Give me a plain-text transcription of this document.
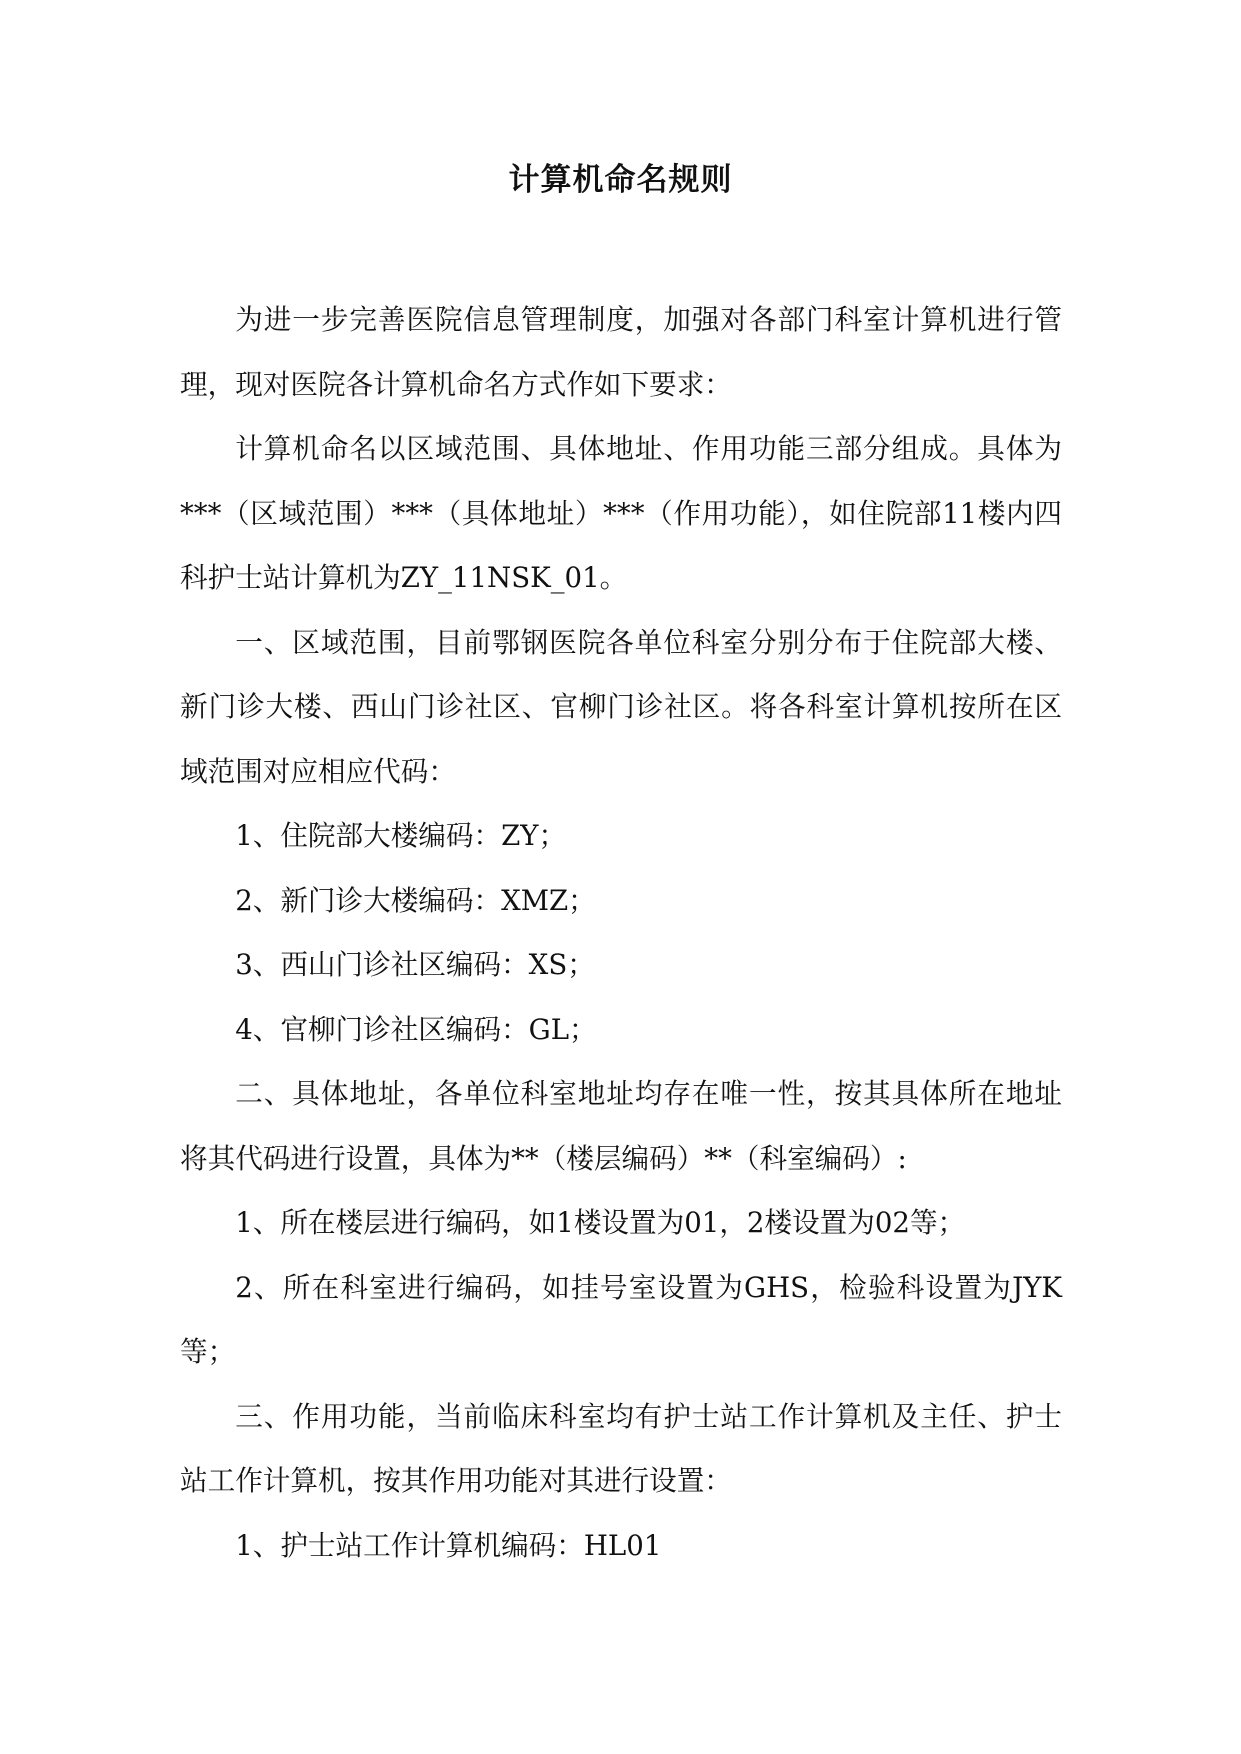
计算机命名规则

为进一步完善医院信息管理制度，加强对各部门科室计算机进行管理，现对医院各计算机命名方式作如下要求：

计算机命名以区域范围、具体地址、作用功能三部分组成。具体为***（区域范围）***（具体地址）***（作用功能），如住院部11楼内四科护士站计算机为ZY_11NSK_01。

一、区域范围，目前鄂钢医院各单位科室分别分布于住院部大楼、新门诊大楼、西山门诊社区、官柳门诊社区。将各科室计算机按所在区域范围对应相应代码：

1、住院部大楼编码：ZY；

2、新门诊大楼编码：XMZ；

3、西山门诊社区编码：XS；

4、官柳门诊社区编码：GL；

二、具体地址，各单位科室地址均存在唯一性，按其具体所在地址将其代码进行设置，具体为**（楼层编码）**（科室编码）:

1、所在楼层进行编码，如1楼设置为01，2楼设置为02等；

2、所在科室进行编码，如挂号室设置为GHS，检验科设置为JYK等；

三、作用功能，当前临床科室均有护士站工作计算机及主任、护士站工作计算机，按其作用功能对其进行设置：

1、护士站工作计算机编码：HL01
